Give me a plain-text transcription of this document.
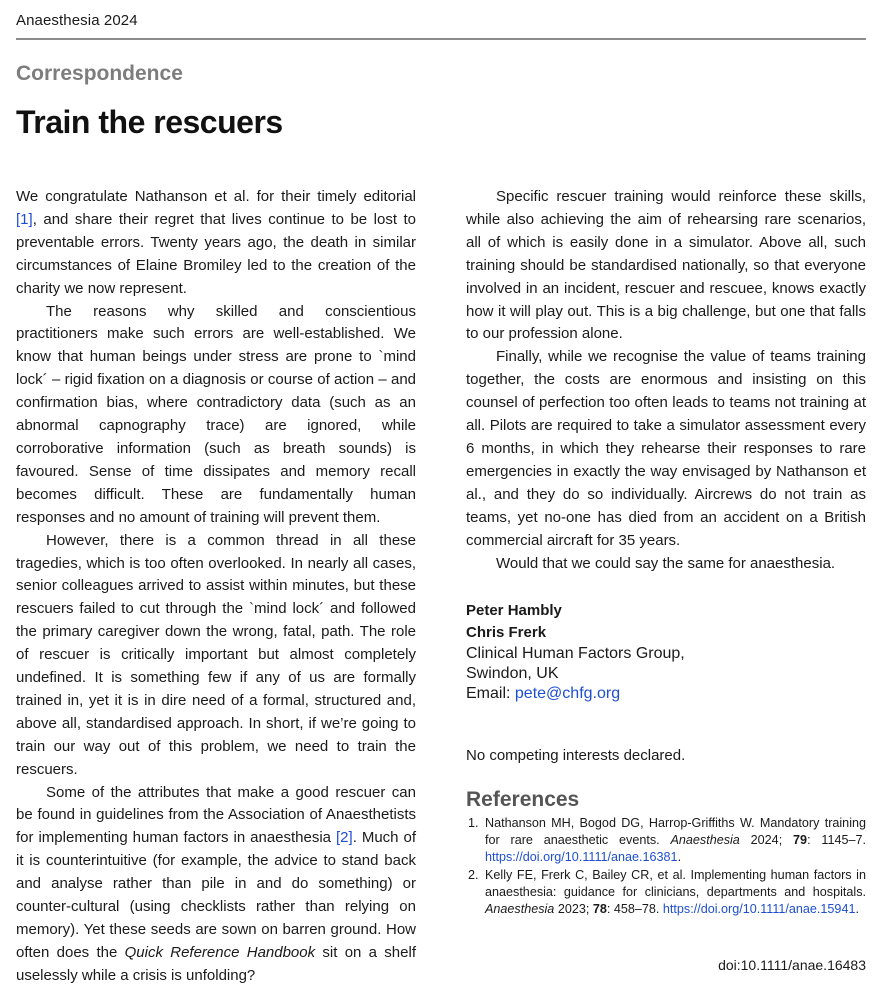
Anaesthesia 2024
Correspondence
Train the rescuers

We congratulate Nathanson et al. for their timely editorial [1], and share their regret that lives continue to be lost to preventable errors. Twenty years ago, the death in similar circumstances of Elaine Bromiley led to the creation of the charity we now represent.

The reasons why skilled and conscientious practitioners make such errors are well-established. We know that human beings under stress are prone to `mind lock´ – rigid fixation on a diagnosis or course of action – and confirmation bias, where contradictory data (such as an abnormal capnography trace) are ignored, while corroborative information (such as breath sounds) is favoured. Sense of time dissipates and memory recall becomes difficult. These are fundamentally human responses and no amount of training will prevent them.

However, there is a common thread in all these tragedies, which is too often overlooked. In nearly all cases, senior colleagues arrived to assist within minutes, but these rescuers failed to cut through the `mind lock´ and followed the primary caregiver down the wrong, fatal, path. The role of rescuer is critically important but almost completely undefined. It is something few if any of us are formally trained in, yet it is in dire need of a formal, structured and, above all, standardised approach. In short, if we’re going to train our way out of this problem, we need to train the rescuers.

Some of the attributes that make a good rescuer can be found in guidelines from the Association of Anaesthetists for implementing human factors in anaesthesia [2]. Much of it is counterintuitive (for example, the advice to stand back and analyse rather than pile in and do something) or counter-cultural (using checklists rather than relying on memory). Yet these seeds are sown on barren ground. How often does the Quick Reference Handbook sit on a shelf uselessly while a crisis is unfolding?

Specific rescuer training would reinforce these skills, while also achieving the aim of rehearsing rare scenarios, all of which is easily done in a simulator. Above all, such training should be standardised nationally, so that everyone involved in an incident, rescuer and rescuee, knows exactly how it will play out. This is a big challenge, but one that falls to our profession alone.

Finally, while we recognise the value of teams training together, the costs are enormous and insisting on this counsel of perfection too often leads to teams not training at all. Pilots are required to take a simulator assessment every 6 months, in which they rehearse their responses to rare emergencies in exactly the way envisaged by Nathanson et al., and they do so individually. Aircrews do not train as teams, yet no-one has died from an accident on a British commercial aircraft for 35 years.

Would that we could say the same for anaesthesia.

Peter Hambly
Chris Frerk
Clinical Human Factors Group,
Swindon, UK
Email: pete@chfg.org
No competing interests declared.
References
1. Nathanson MH, Bogod DG, Harrop-Griffiths W. Mandatory training for rare anaesthetic events. Anaesthesia 2024; 79: 1145–7. https://doi.org/10.1111/anae.16381.
2. Kelly FE, Frerk C, Bailey CR, et al. Implementing human factors in anaesthesia: guidance for clinicians, departments and hospitals. Anaesthesia 2023; 78: 458–78. https://doi.org/10.1111/anae.15941.
doi:10.1111/anae.16483
